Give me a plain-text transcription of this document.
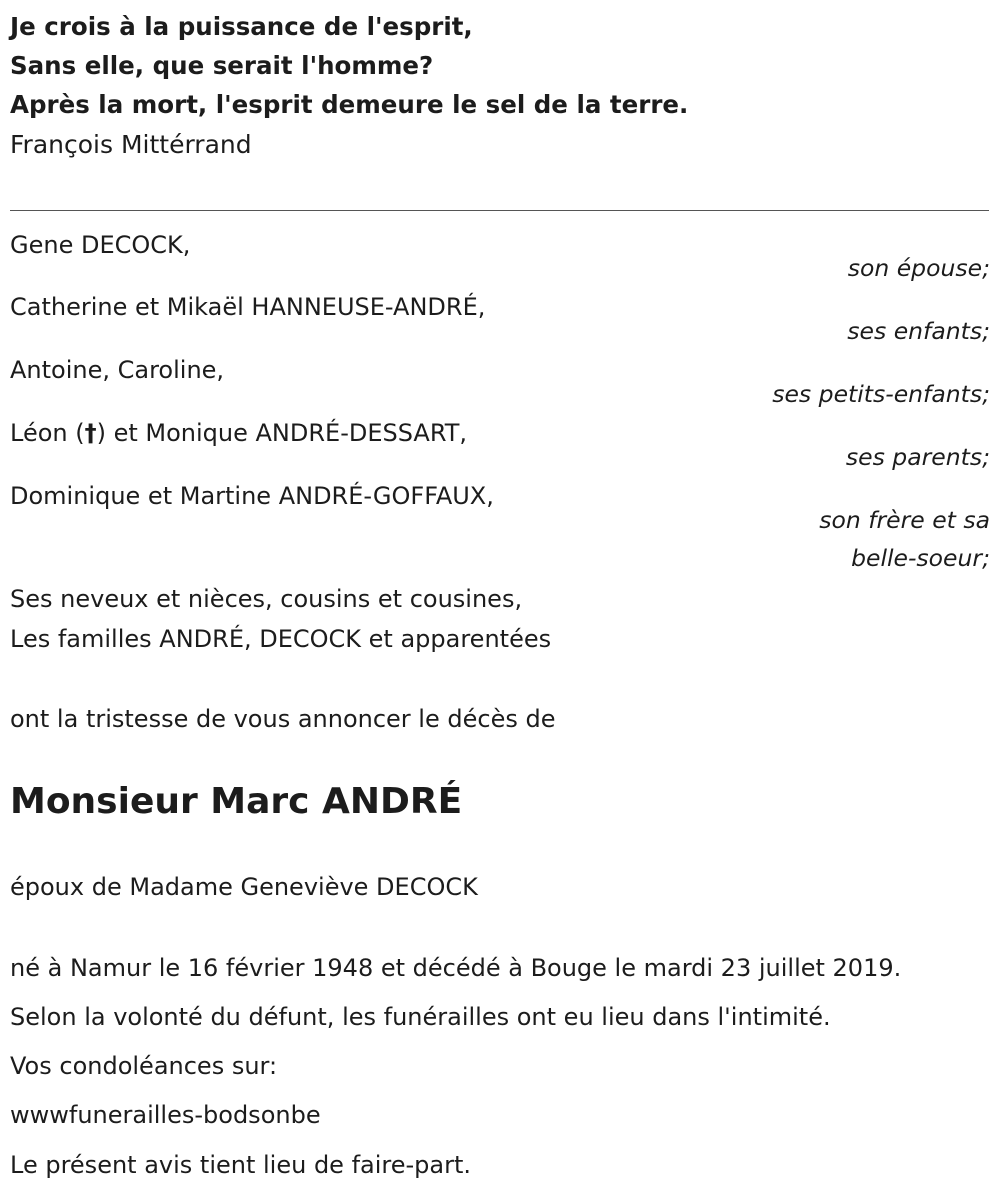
Je crois à la puissance de l'esprit,
Sans elle, que serait l'homme?
Après la mort, l'esprit demeure le sel de la terre.
François Mittérrand
Gene DECOCK,
son épouse;
Catherine et Mikaël HANNEUSE-ANDRÉ,
ses enfants;
Antoine, Caroline,
ses petits-enfants;
Léon (†) et Monique ANDRÉ-DESSART,
ses parents;
Dominique et Martine ANDRÉ-GOFFAUX,
son frère et sa
belle-soeur;
Ses neveux et nièces, cousins et cousines,
Les familles ANDRÉ, DECOCK et apparentées
ont la tristesse de vous annoncer le décès de
Monsieur Marc ANDRÉ
époux de Madame Geneviève DECOCK
né à Namur le 16 février 1948 et décédé à Bouge le mardi 23 juillet 2019.
Selon la volonté du défunt, les funérailles ont eu lieu dans l'intimité.
Vos condoléances sur:
wwwfunerailles-bodsonbe
Le présent avis tient lieu de faire-part.
